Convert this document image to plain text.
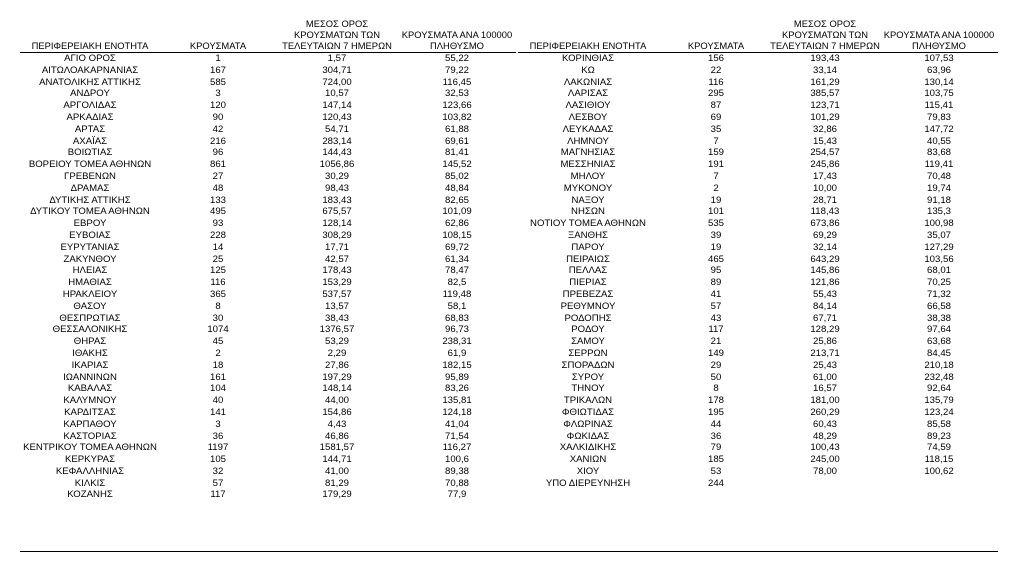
ΠΕΡΙΦΕΡΕΙΑΚΗ ΕΝΟΤΗΤΑ	ΚΡΟΥΣΜΑΤΑ
ΜΕΣΟΣ ΟΡΟΣ
ΚΡΟΥΣΜΑΤΩΝ ΤΩΝ
ΤΕΛΕΥΤΑΙΩΝ 7 ΗΜΕΡΩΝ
ΚΡΟΥΣΜΑΤΑ ΑΝΑ 100000
ΠΛΗΘΥΣΜΟ
ΑΓΙΟ ΟΡΟΣ	1	1,57	55,22
ΑΙΤΩΛΟΑΚΑΡΝΑΝΙΑΣ	167	304,71	79,22
ΑΝΑΤΟΛΙΚΗΣ ΑΤΤΙΚΗΣ	585	724,00	116,45
ΑΝΔΡΟΥ	3	10,57	32,53
ΑΡΓΟΛΙΔΑΣ	120	147,14	123,66
ΑΡΚΑΔΙΑΣ	90	120,43	103,82
ΑΡΤΑΣ	42	54,71	61,88
ΑΧΑΪΑΣ	216	283,14	69,61
ΒΟΙΩΤΙΑΣ	96	144,43	81,41
ΒΟΡΕΙΟΥ ΤΟΜΕΑ ΑΘΗΝΩΝ	861	1056,86	145,52
ΓΡΕΒΕΝΩΝ	27	30,29	85,02
ΔΡΑΜΑΣ	48	98,43	48,84
ΔΥΤΙΚΗΣ ΑΤΤΙΚΗΣ	133	183,43	82,65
ΔΥΤΙΚΟΥ ΤΟΜΕΑ ΑΘΗΝΩΝ	495	675,57	101,09
ΕΒΡΟΥ	93	128,14	62,86
ΕΥΒΟΙΑΣ	228	308,29	108,15
ΕΥΡΥΤΑΝΙΑΣ	14	17,71	69,72
ΖΑΚΥΝΘΟΥ	25	42,57	61,34
ΗΛΕΙΑΣ	125	178,43	78,47
ΗΜΑΘΙΑΣ	116	153,29	82,5
ΗΡΑΚΛΕΙΟΥ	365	537,57	119,48
ΘΑΣΟΥ	8	13,57	58,1
ΘΕΣΠΡΩΤΙΑΣ	30	38,43	68,83
ΘΕΣΣΑΛΟΝΙΚΗΣ	1074	1376,57	96,73
ΘΗΡΑΣ	45	53,29	238,31
ΙΘΑΚΗΣ	2	2,29	61,9
ΙΚΑΡΙΑΣ	18	27,86	182,15
ΙΩΑΝΝΙΝΩΝ	161	197,29	95,89
ΚΑΒΑΛΑΣ	104	148,14	83,26
ΚΑΛΥΜΝΟΥ	40	44,00	135,81
ΚΑΡΔΙΤΣΑΣ	141	154,86	124,18
ΚΑΡΠΑΘΟΥ	3	4,43	41,04
ΚΑΣΤΟΡΙΑΣ	36	46,86	71,54
ΚΕΝΤΡΙΚΟΥ ΤΟΜΕΑ ΑΘΗΝΩΝ	1197	1581,57	116,27
ΚΕΡΚΥΡΑΣ	105	144,71	100,6
ΚΕΦΑΛΛΗΝΙΑΣ	32	41,00	89,38
ΚΙΛΚΙΣ	57	81,29	70,88
ΚΟΖΑΝΗΣ	117	179,29	77,9
ΠΕΡΙΦΕΡΕΙΑΚΗ ΕΝΟΤΗΤΑ	ΚΡΟΥΣΜΑΤΑ
ΜΕΣΟΣ ΟΡΟΣ
ΚΡΟΥΣΜΑΤΩΝ ΤΩΝ
ΤΕΛΕΥΤΑΙΩΝ 7 ΗΜΕΡΩΝ
ΚΡΟΥΣΜΑΤΑ ΑΝΑ 100000
ΠΛΗΘΥΣΜΟ
ΚΟΡΙΝΘΙΑΣ	156	193,43	107,53
ΚΩ	22	33,14	63,96
ΛΑΚΩΝΙΑΣ	116	161,29	130,14
ΛΑΡΙΣΑΣ	295	385,57	103,75
ΛΑΣΙΘΙΟΥ	87	123,71	115,41
ΛΕΣΒΟΥ	69	101,29	79,83
ΛΕΥΚΑΔΑΣ	35	32,86	147,72
ΛΗΜΝΟΥ	7	15,43	40,55
ΜΑΓΝΗΣΙΑΣ	159	254,57	83,68
ΜΕΣΣΗΝΙΑΣ	191	245,86	119,41
ΜΗΛΟΥ	7	17,43	70,48
ΜΥΚΟΝΟΥ	2	10,00	19,74
ΝΑΞΟΥ	19	28,71	91,18
ΝΗΣΩΝ	101	118,43	135,3
ΝΟΤΙΟΥ ΤΟΜΕΑ ΑΘΗΝΩΝ	535	673,86	100,98
ΞΑΝΘΗΣ	39	69,29	35,07
ΠΑΡΟΥ	19	32,14	127,29
ΠΕΙΡΑΙΩΣ	465	643,29	103,56
ΠΕΛΛΑΣ	95	145,86	68,01
ΠΙΕΡΙΑΣ	89	121,86	70,25
ΠΡΕΒΕΖΑΣ	41	55,43	71,32
ΡΕΘΥΜΝΟΥ	57	84,14	66,58
ΡΟΔΟΠΗΣ	43	67,71	38,38
ΡΟΔΟΥ	117	128,29	97,64
ΣΑΜΟΥ	21	25,86	63,68
ΣΕΡΡΩΝ	149	213,71	84,45
ΣΠΟΡΑΔΩΝ	29	25,43	210,18
ΣΥΡΟΥ	50	61,00	232,48
ΤΗΝΟΥ	8	16,57	92,64
ΤΡΙΚΑΛΩΝ	178	181,00	135,79
ΦΘΙΩΤΙΔΑΣ	195	260,29	123,24
ΦΛΩΡΙΝΑΣ	44	60,43	85,58
ΦΩΚΙΔΑΣ	36	48,29	89,23
ΧΑΛΚΙΔΙΚΗΣ	79	100,43	74,59
ΧΑΝΙΩΝ	185	245,00	118,15
ΧΙΟΥ	53	78,00	100,62
ΥΠΟ ΔΙΕΡΕΥΝΗΣΗ	244
